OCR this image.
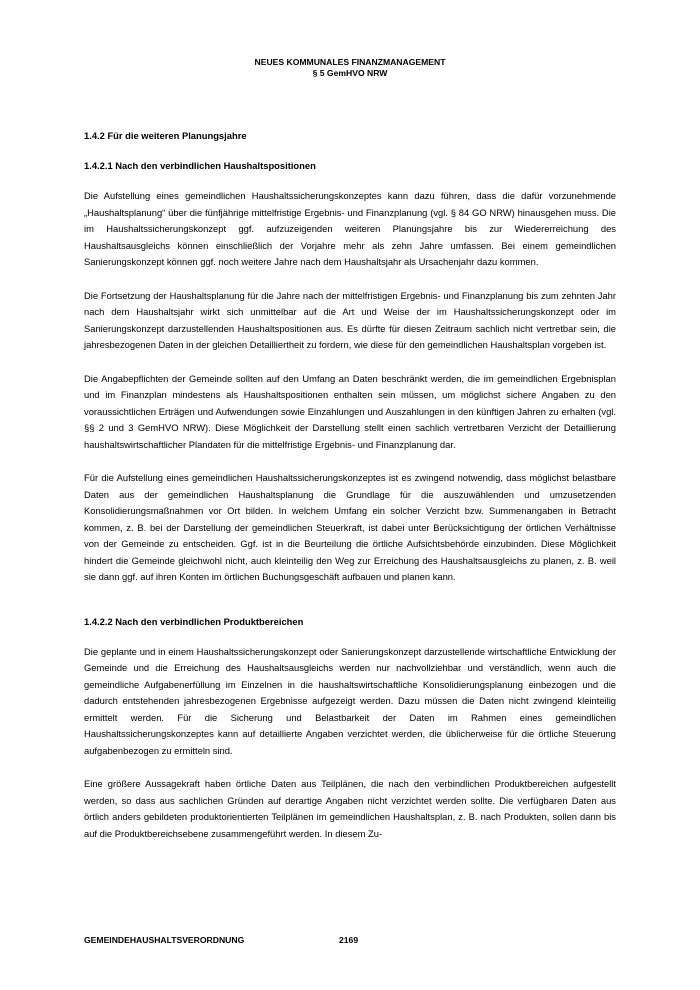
NEUES KOMMUNALES FINANZMANAGEMENT
§ 5 GemHVO NRW

1.4.2 Für die weiteren Planungsjahre

1.4.2.1 Nach den verbindlichen Haushaltspositionen

Die Aufstellung eines gemeindlichen Haushaltssicherungskonzeptes kann dazu führen, dass die dafür vorzunehmende „Haushaltsplanung“ über die fünfjährige mittelfristige Ergebnis- und Finanzplanung (vgl. § 84 GO NRW) hinausgehen muss. Die im Haushaltssicherungskonzept ggf. aufzuzeigenden weiteren Planungsjahre bis zur Wiedererreichung des Haushaltsausgleichs können einschließlich der Vorjahre mehr als zehn Jahre umfassen. Bei einem gemeindlichen Sanierungskonzept können ggf. noch weitere Jahre nach dem Haushaltsjahr als Ursachenjahr dazu kommen.

Die Fortsetzung der Haushaltsplanung für die Jahre nach der mittelfristigen Ergebnis- und Finanzplanung bis zum zehnten Jahr nach dem Haushaltsjahr wirkt sich unmittelbar auf die Art und Weise der im Haushaltssicherungskonzept oder im Sanierungskonzept darzustellenden Haushaltspositionen aus. Es dürfte für diesen Zeitraum sachlich nicht vertretbar sein, die jahresbezogenen Daten in der gleichen Detailliertheit zu fordern, wie diese für den gemeindlichen Haushaltsplan vorgeben ist.

Die Angabepflichten der Gemeinde sollten auf den Umfang an Daten beschränkt werden, die im gemeindlichen Ergebnisplan und im Finanzplan mindestens als Haushaltspositionen enthalten sein müssen, um möglichst sichere Angaben zu den voraussichtlichen Erträgen und Aufwendungen sowie Einzahlungen und Auszahlungen in den künftigen Jahren zu erhalten (vgl. §§ 2 und 3 GemHVO NRW). Diese Möglichkeit der Darstellung stellt einen sachlich vertretbaren Verzicht der Detaillierung haushaltswirtschaftlicher Plandaten für die mittelfristige Ergebnis- und Finanzplanung dar.

Für die Aufstellung eines gemeindlichen Haushaltssicherungskonzeptes ist es zwingend notwendig, dass möglichst belastbare Daten aus der gemeindlichen Haushaltsplanung die Grundlage für die auszuwählenden und umzusetzenden Konsolidierungsmaßnahmen vor Ort bilden. In welchem Umfang ein solcher Verzicht bzw. Summenangaben in Betracht kommen, z. B. bei der Darstellung der gemeindlichen Steuerkraft, ist dabei unter Berücksichtigung der örtlichen Verhältnisse von der Gemeinde zu entscheiden. Ggf. ist in die Beurteilung die örtliche Aufsichtsbehörde einzubinden. Diese Möglichkeit hindert die Gemeinde gleichwohl nicht, auch kleinteilig den Weg zur Erreichung des Haushaltsausgleichs zu planen, z. B. weil sie dann ggf. auf ihren Konten im örtlichen Buchungsgeschäft aufbauen und planen kann.

1.4.2.2 Nach den verbindlichen Produktbereichen

Die geplante und in einem Haushaltssicherungskonzept oder Sanierungskonzept darzustellende wirtschaftliche Entwicklung der Gemeinde und die Erreichung des Haushaltsausgleichs werden nur nachvollziehbar und verständlich, wenn auch die gemeindliche Aufgabenerfüllung im Einzelnen in die haushaltswirtschaftliche Konsolidierungsplanung einbezogen und die dadurch entstehenden jahresbezogenen Ergebnisse aufgezeigt werden. Dazu müssen die Daten nicht zwingend kleinteilig ermittelt werden. Für die Sicherung und Belastbarkeit der Daten im Rahmen eines gemeindlichen Haushaltssicherungskonzeptes kann auf detaillierte Angaben verzichtet werden, die üblicherweise für die örtliche Steuerung aufgabenbezogen zu ermitteln sind.

Eine größere Aussagekraft haben örtliche Daten aus Teilplänen, die nach den verbindlichen Produktbereichen aufgestellt werden, so dass aus sachlichen Gründen auf derartige Angaben nicht verzichtet werden sollte. Die verfügbaren Daten aus örtlich anders gebildeten produktorientierten Teilplänen im gemeindlichen Haushaltsplan, z. B. nach Produkten, sollen dann bis auf die Produktbereichsebene zusammengeführt werden. In diesem Zu-

GEMEINDEHAUSHALTSVERORDNUNG	2169
